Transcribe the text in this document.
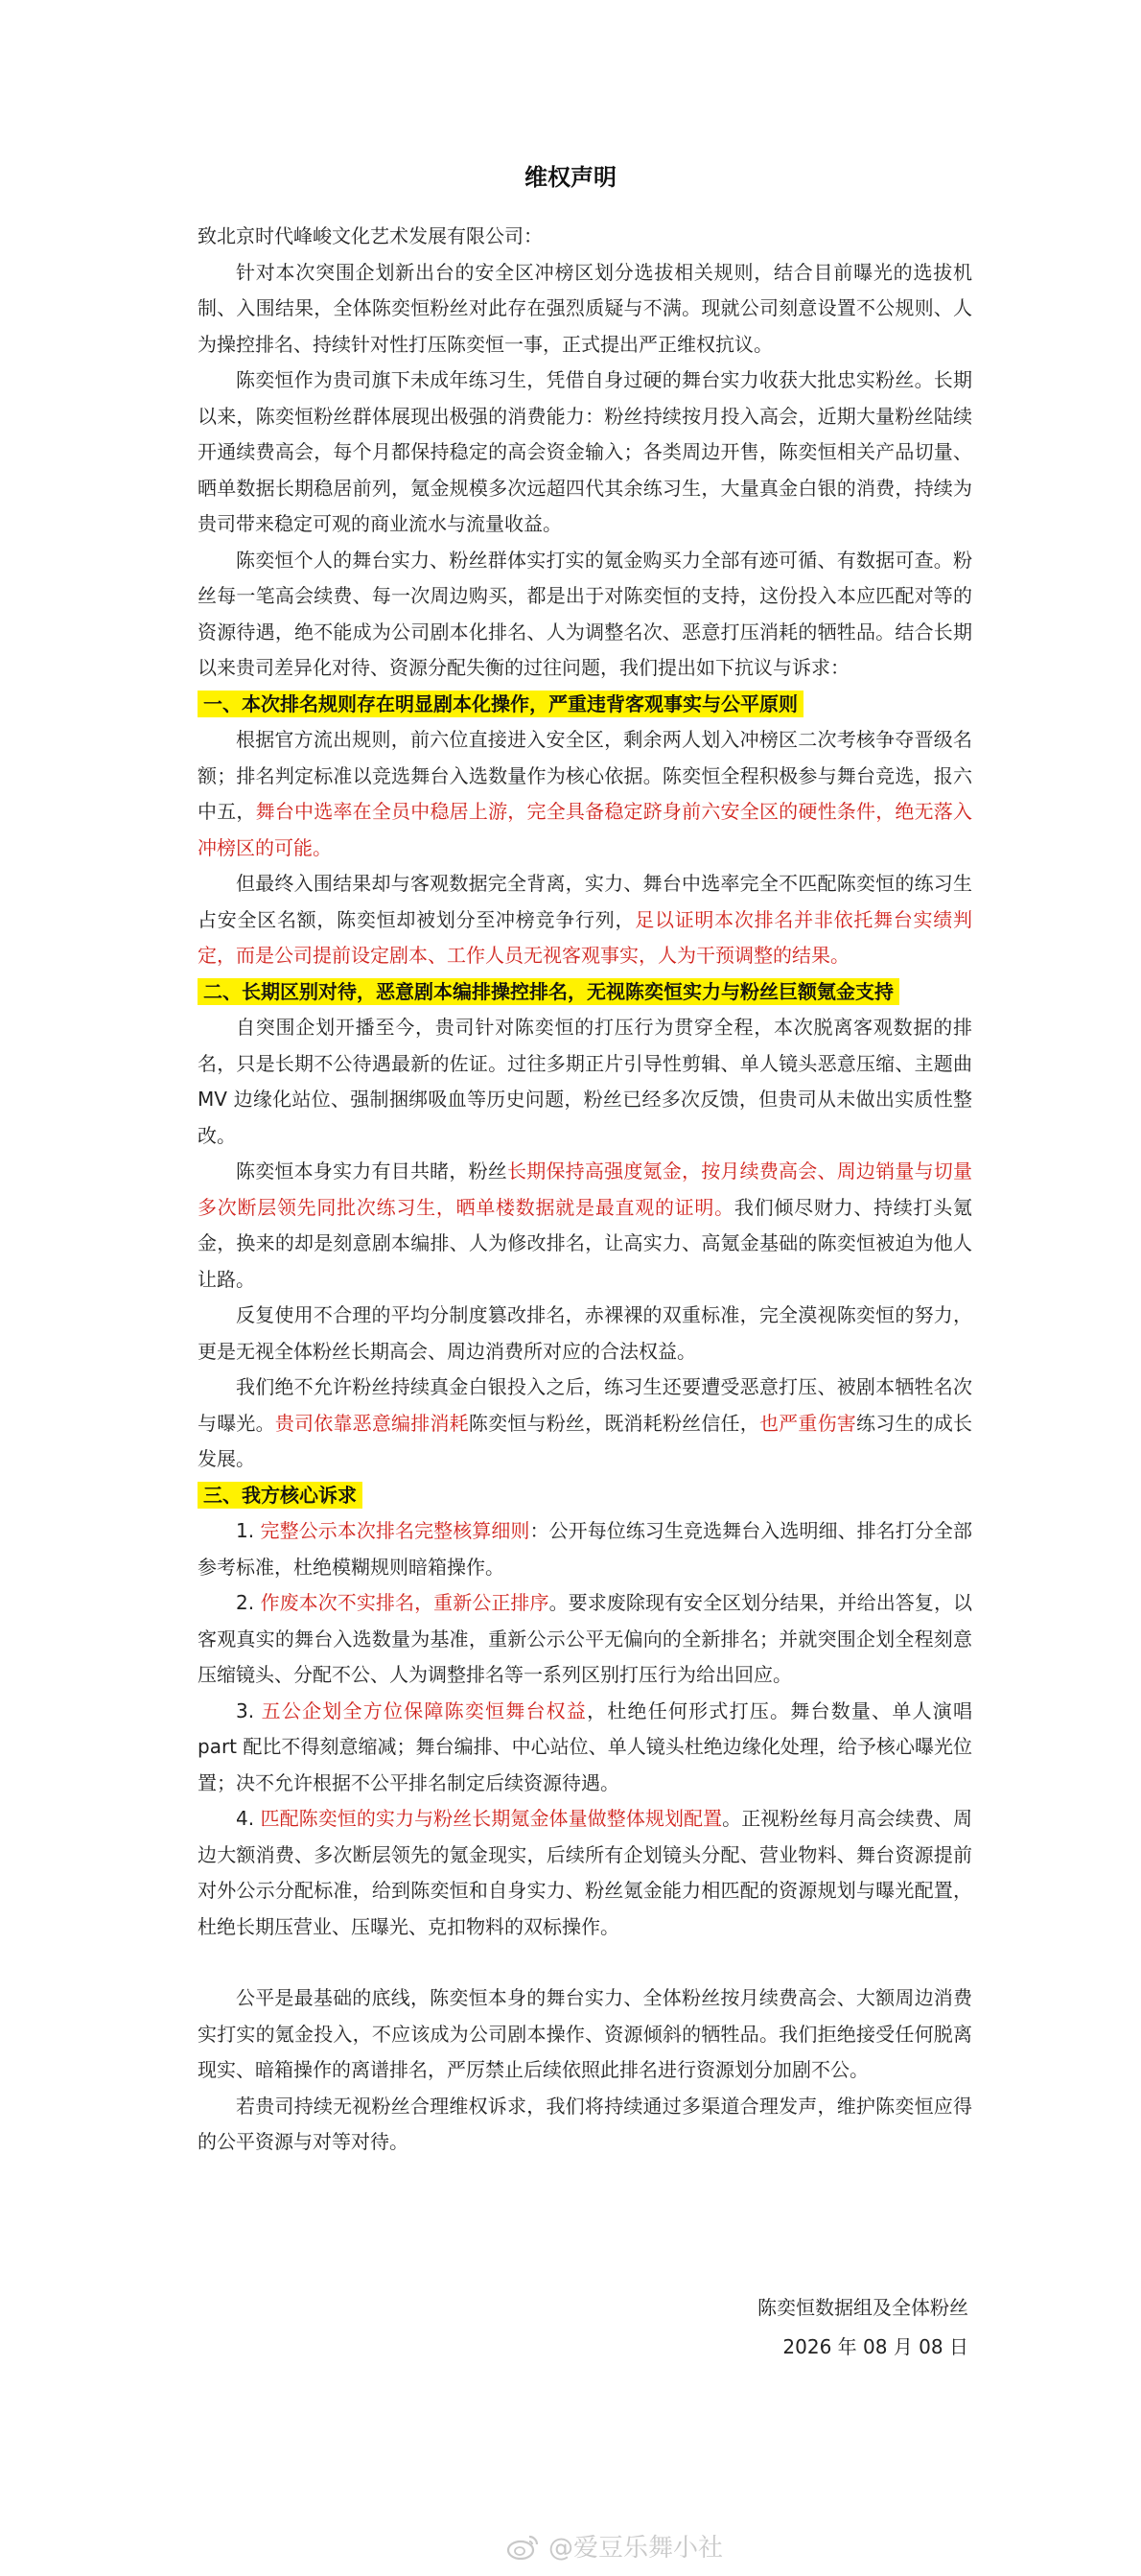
维权声明

致北京时代峰峻文化艺术发展有限公司：

针对本次突围企划新出台的安全区冲榜区划分选拔相关规则，结合目前曝光的选拔机制、入围结果，全体陈奕恒粉丝对此存在强烈质疑与不满。现就公司刻意设置不公规则、人为操控排名、持续针对性打压陈奕恒一事，正式提出严正维权抗议。

陈奕恒作为贵司旗下未成年练习生，凭借自身过硬的舞台实力收获大批忠实粉丝。长期以来，陈奕恒粉丝群体展现出极强的消费能力：粉丝持续按月投入高会，近期大量粉丝陆续开通续费高会，每个月都保持稳定的高会资金输入；各类周边开售，陈奕恒相关产品切量、晒单数据长期稳居前列，氪金规模多次远超四代其余练习生，大量真金白银的消费，持续为贵司带来稳定可观的商业流水与流量收益。

陈奕恒个人的舞台实力、粉丝群体实打实的氪金购买力全部有迹可循、有数据可查。粉丝每一笔高会续费、每一次周边购买，都是出于对陈奕恒的支持，这份投入本应匹配对等的资源待遇，绝不能成为公司剧本化排名、人为调整名次、恶意打压消耗的牺牲品。结合长期以来贵司差异化对待、资源分配失衡的过往问题，我们提出如下抗议与诉求：

一、本次排名规则存在明显剧本化操作，严重违背客观事实与公平原则

根据官方流出规则，前六位直接进入安全区，剩余两人划入冲榜区二次考核争夺晋级名额；排名判定标准以竞选舞台入选数量作为核心依据。陈奕恒全程积极参与舞台竞选，报六中五，舞台中选率在全员中稳居上游，完全具备稳定跻身前六安全区的硬性条件，绝无落入冲榜区的可能。

但最终入围结果却与客观数据完全背离，实力、舞台中选率完全不匹配陈奕恒的练习生占安全区名额，陈奕恒却被划分至冲榜竞争行列，足以证明本次排名并非依托舞台实绩判定，而是公司提前设定剧本、工作人员无视客观事实，人为干预调整的结果。

二、长期区别对待，恶意剧本编排操控排名，无视陈奕恒实力与粉丝巨额氪金支持

自突围企划开播至今，贵司针对陈奕恒的打压行为贯穿全程，本次脱离客观数据的排名，只是长期不公待遇最新的佐证。过往多期正片引导性剪辑、单人镜头恶意压缩、主题曲 MV 边缘化站位、强制捆绑吸血等历史问题，粉丝已经多次反馈，但贵司从未做出实质性整改。

陈奕恒本身实力有目共睹，粉丝长期保持高强度氪金，按月续费高会、周边销量与切量多次断层领先同批次练习生，晒单楼数据就是最直观的证明。我们倾尽财力、持续打头氪金，换来的却是刻意剧本编排、人为修改排名，让高实力、高氪金基础的陈奕恒被迫为他人让路。

反复使用不合理的平均分制度篡改排名，赤裸裸的双重标准，完全漠视陈奕恒的努力，更是无视全体粉丝长期高会、周边消费所对应的合法权益。

我们绝不允许粉丝持续真金白银投入之后，练习生还要遭受恶意打压、被剧本牺牲名次与曝光。贵司依靠恶意编排消耗陈奕恒与粉丝，既消耗粉丝信任，也严重伤害练习生的成长发展。

三、我方核心诉求

1. 完整公示本次排名完整核算细则：公开每位练习生竞选舞台入选明细、排名打分全部参考标准，杜绝模糊规则暗箱操作。

2. 作废本次不实排名，重新公正排序。要求废除现有安全区划分结果，并给出答复，以客观真实的舞台入选数量为基准，重新公示公平无偏向的全新排名；并就突围企划全程刻意压缩镜头、分配不公、人为调整排名等一系列区别打压行为给出回应。

3. 五公企划全方位保障陈奕恒舞台权益，杜绝任何形式打压。舞台数量、单人演唱 part 配比不得刻意缩减；舞台编排、中心站位、单人镜头杜绝边缘化处理，给予核心曝光位置；决不允许根据不公平排名制定后续资源待遇。

4. 匹配陈奕恒的实力与粉丝长期氪金体量做整体规划配置。正视粉丝每月高会续费、周边大额消费、多次断层领先的氪金现实，后续所有企划镜头分配、营业物料、舞台资源提前对外公示分配标准，给到陈奕恒和自身实力、粉丝氪金能力相匹配的资源规划与曝光配置，杜绝长期压营业、压曝光、克扣物料的双标操作。

公平是最基础的底线，陈奕恒本身的舞台实力、全体粉丝按月续费高会、大额周边消费实打实的氪金投入，不应该成为公司剧本操作、资源倾斜的牺牲品。我们拒绝接受任何脱离现实、暗箱操作的离谱排名，严厉禁止后续依照此排名进行资源划分加剧不公。

若贵司持续无视粉丝合理维权诉求，我们将持续通过多渠道合理发声，维护陈奕恒应得的公平资源与对等对待。

陈奕恒数据组及全体粉丝
2026 年 08 月 08 日
@爱豆乐舞小社
